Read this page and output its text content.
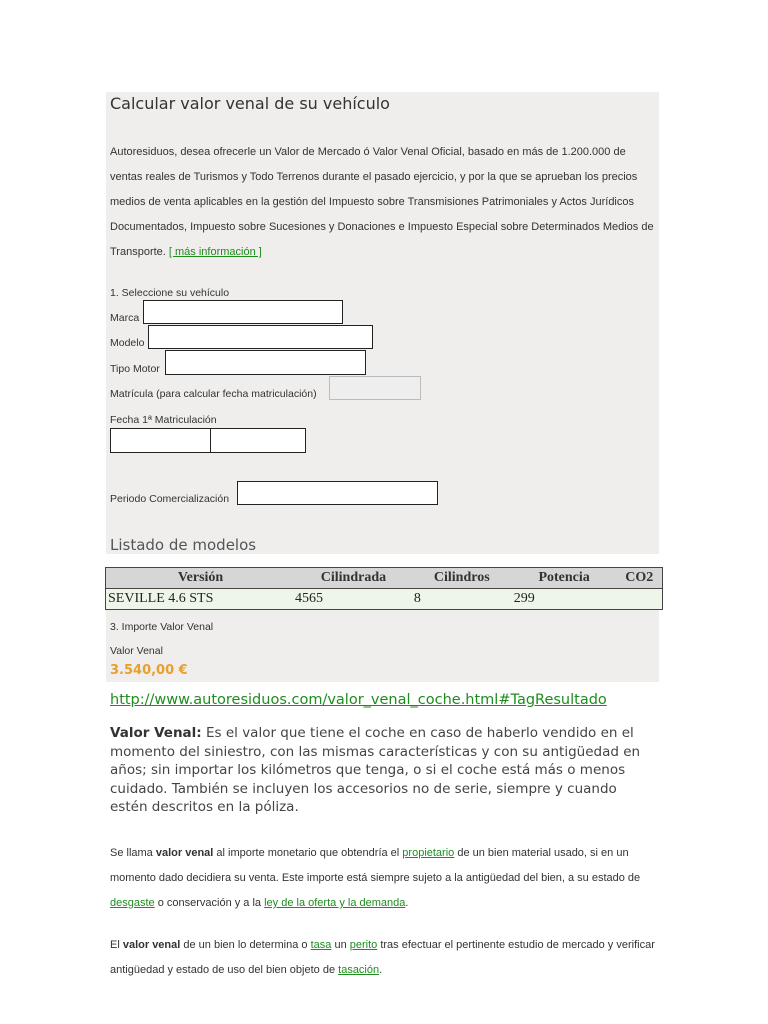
Calcular valor venal de su vehículo
Autoresiduos, desea ofrecerle un Valor de Mercado ó Valor Venal Oficial, basado en más de 1.200.000 de ventas reales de Turismos y Todo Terrenos durante el pasado ejercicio, y por la que se aprueban los precios medios de venta aplicables en la gestión del Impuesto sobre Transmisiones Patrimoniales y Actos Jurídicos Documentados, Impuesto sobre Sucesiones y Donaciones e Impuesto Especial sobre Determinados Medios de Transporte. [ más información ]
1. Seleccione su vehículo
Marca
Modelo
Tipo Motor
Matrícula (para calcular fecha matriculación)
Fecha 1ª Matriculación
Periodo Comercialización
Listado de modelos
Versión	Cilindrada	Cilindros	Potencia	CO2
SEVILLE 4.6 STS	4565	8	299	
3. Importe Valor Venal
Valor Venal
3.540,00 €
http://www.autoresiduos.com/valor_venal_coche.html#TagResultado
Valor Venal: Es el valor que tiene el coche en caso de haberlo vendido en el momento del siniestro, con las mismas características y con su antigüedad en años; sin importar los kilómetros que tenga, o si el coche está más o menos cuidado. También se incluyen los accesorios no de serie, siempre y cuando estén descritos en la póliza.
Se llama valor venal al importe monetario que obtendría el propietario de un bien material usado, si en un momento dado decidiera su venta. Este importe está siempre sujeto a la antigüedad del bien, a su estado de desgaste o conservación y a la ley de la oferta y la demanda.
El valor venal de un bien lo determina o tasa un perito tras efectuar el pertinente estudio de mercado y verificar antigüedad y estado de uso del bien objeto de tasación.
